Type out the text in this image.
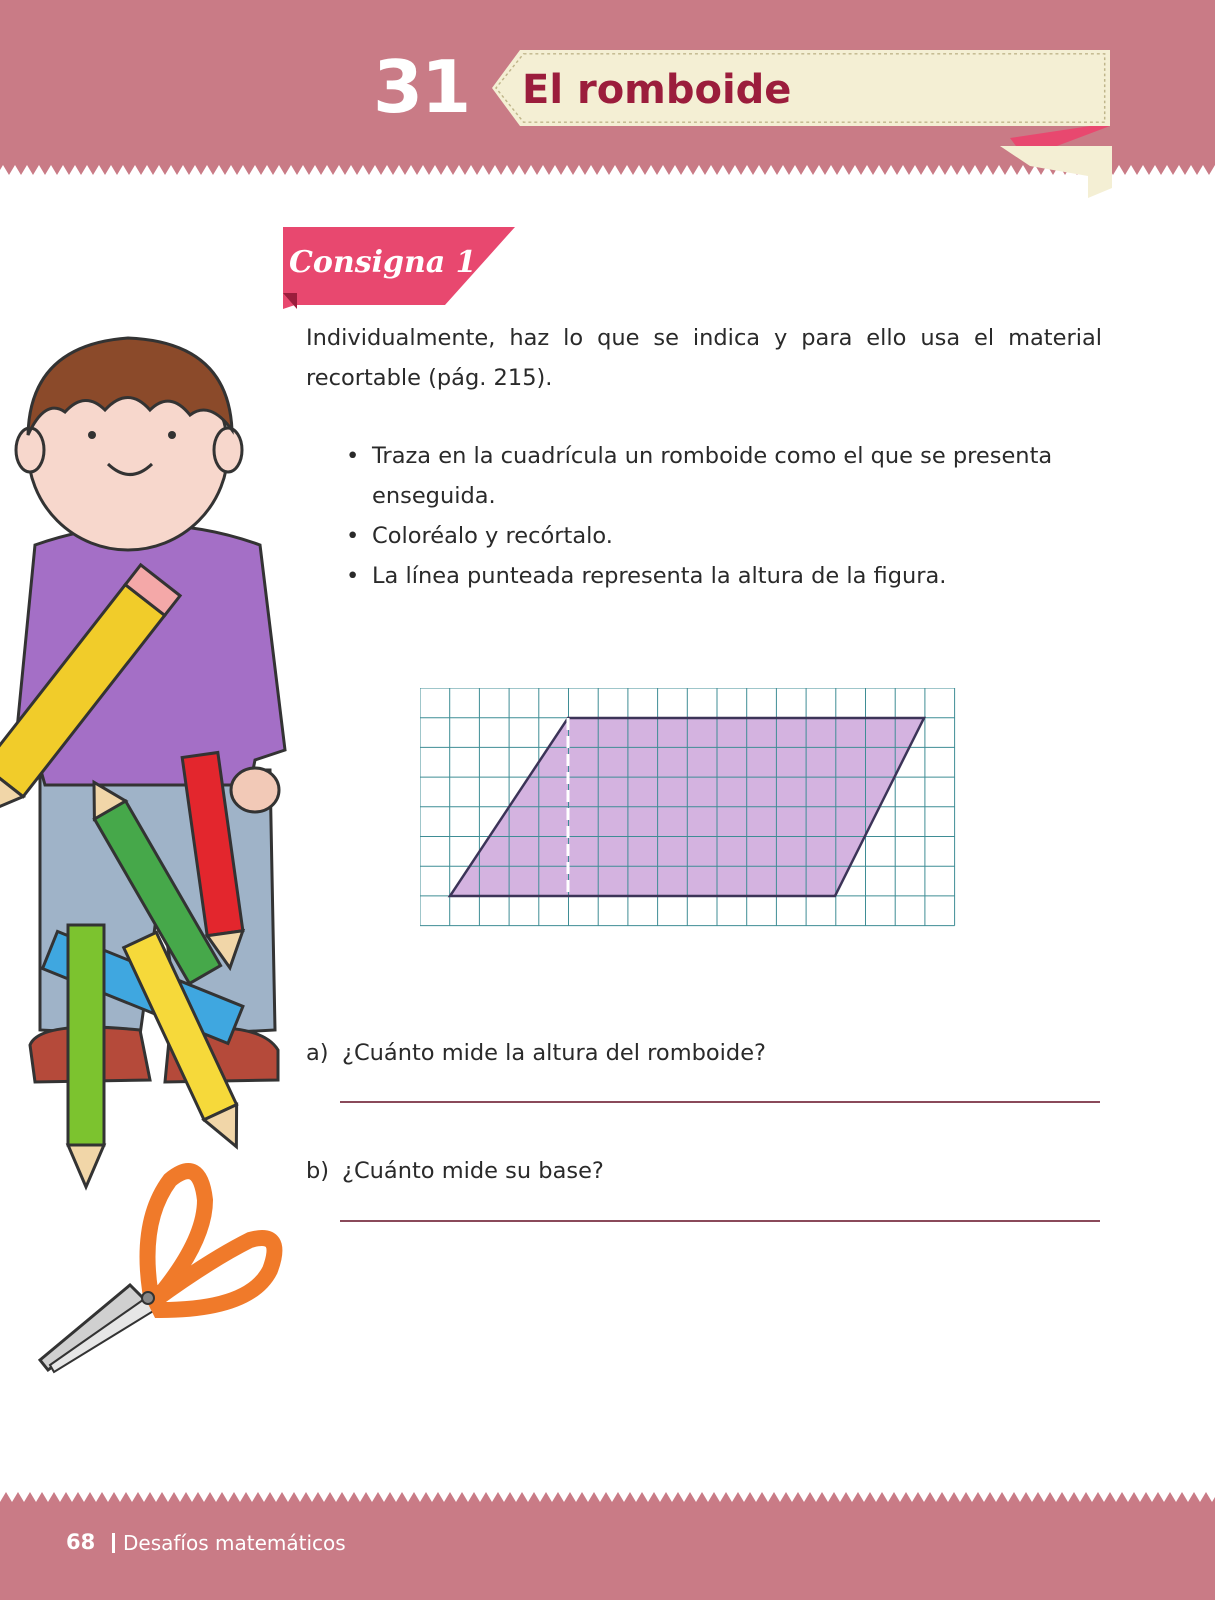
31 El romboide
Consigna 1

Individualmente, haz lo que se indica y para ello usa el material recortable (pág. 215).

• Traza en la cuadrícula un romboide como el que se presenta enseguida.
• Coloréalo y recórtalo.
• La línea punteada representa la altura de la figura.
a) ¿Cuánto mide la altura del romboide?
b) ¿Cuánto mide su base?
68	Desafíos matemáticos
